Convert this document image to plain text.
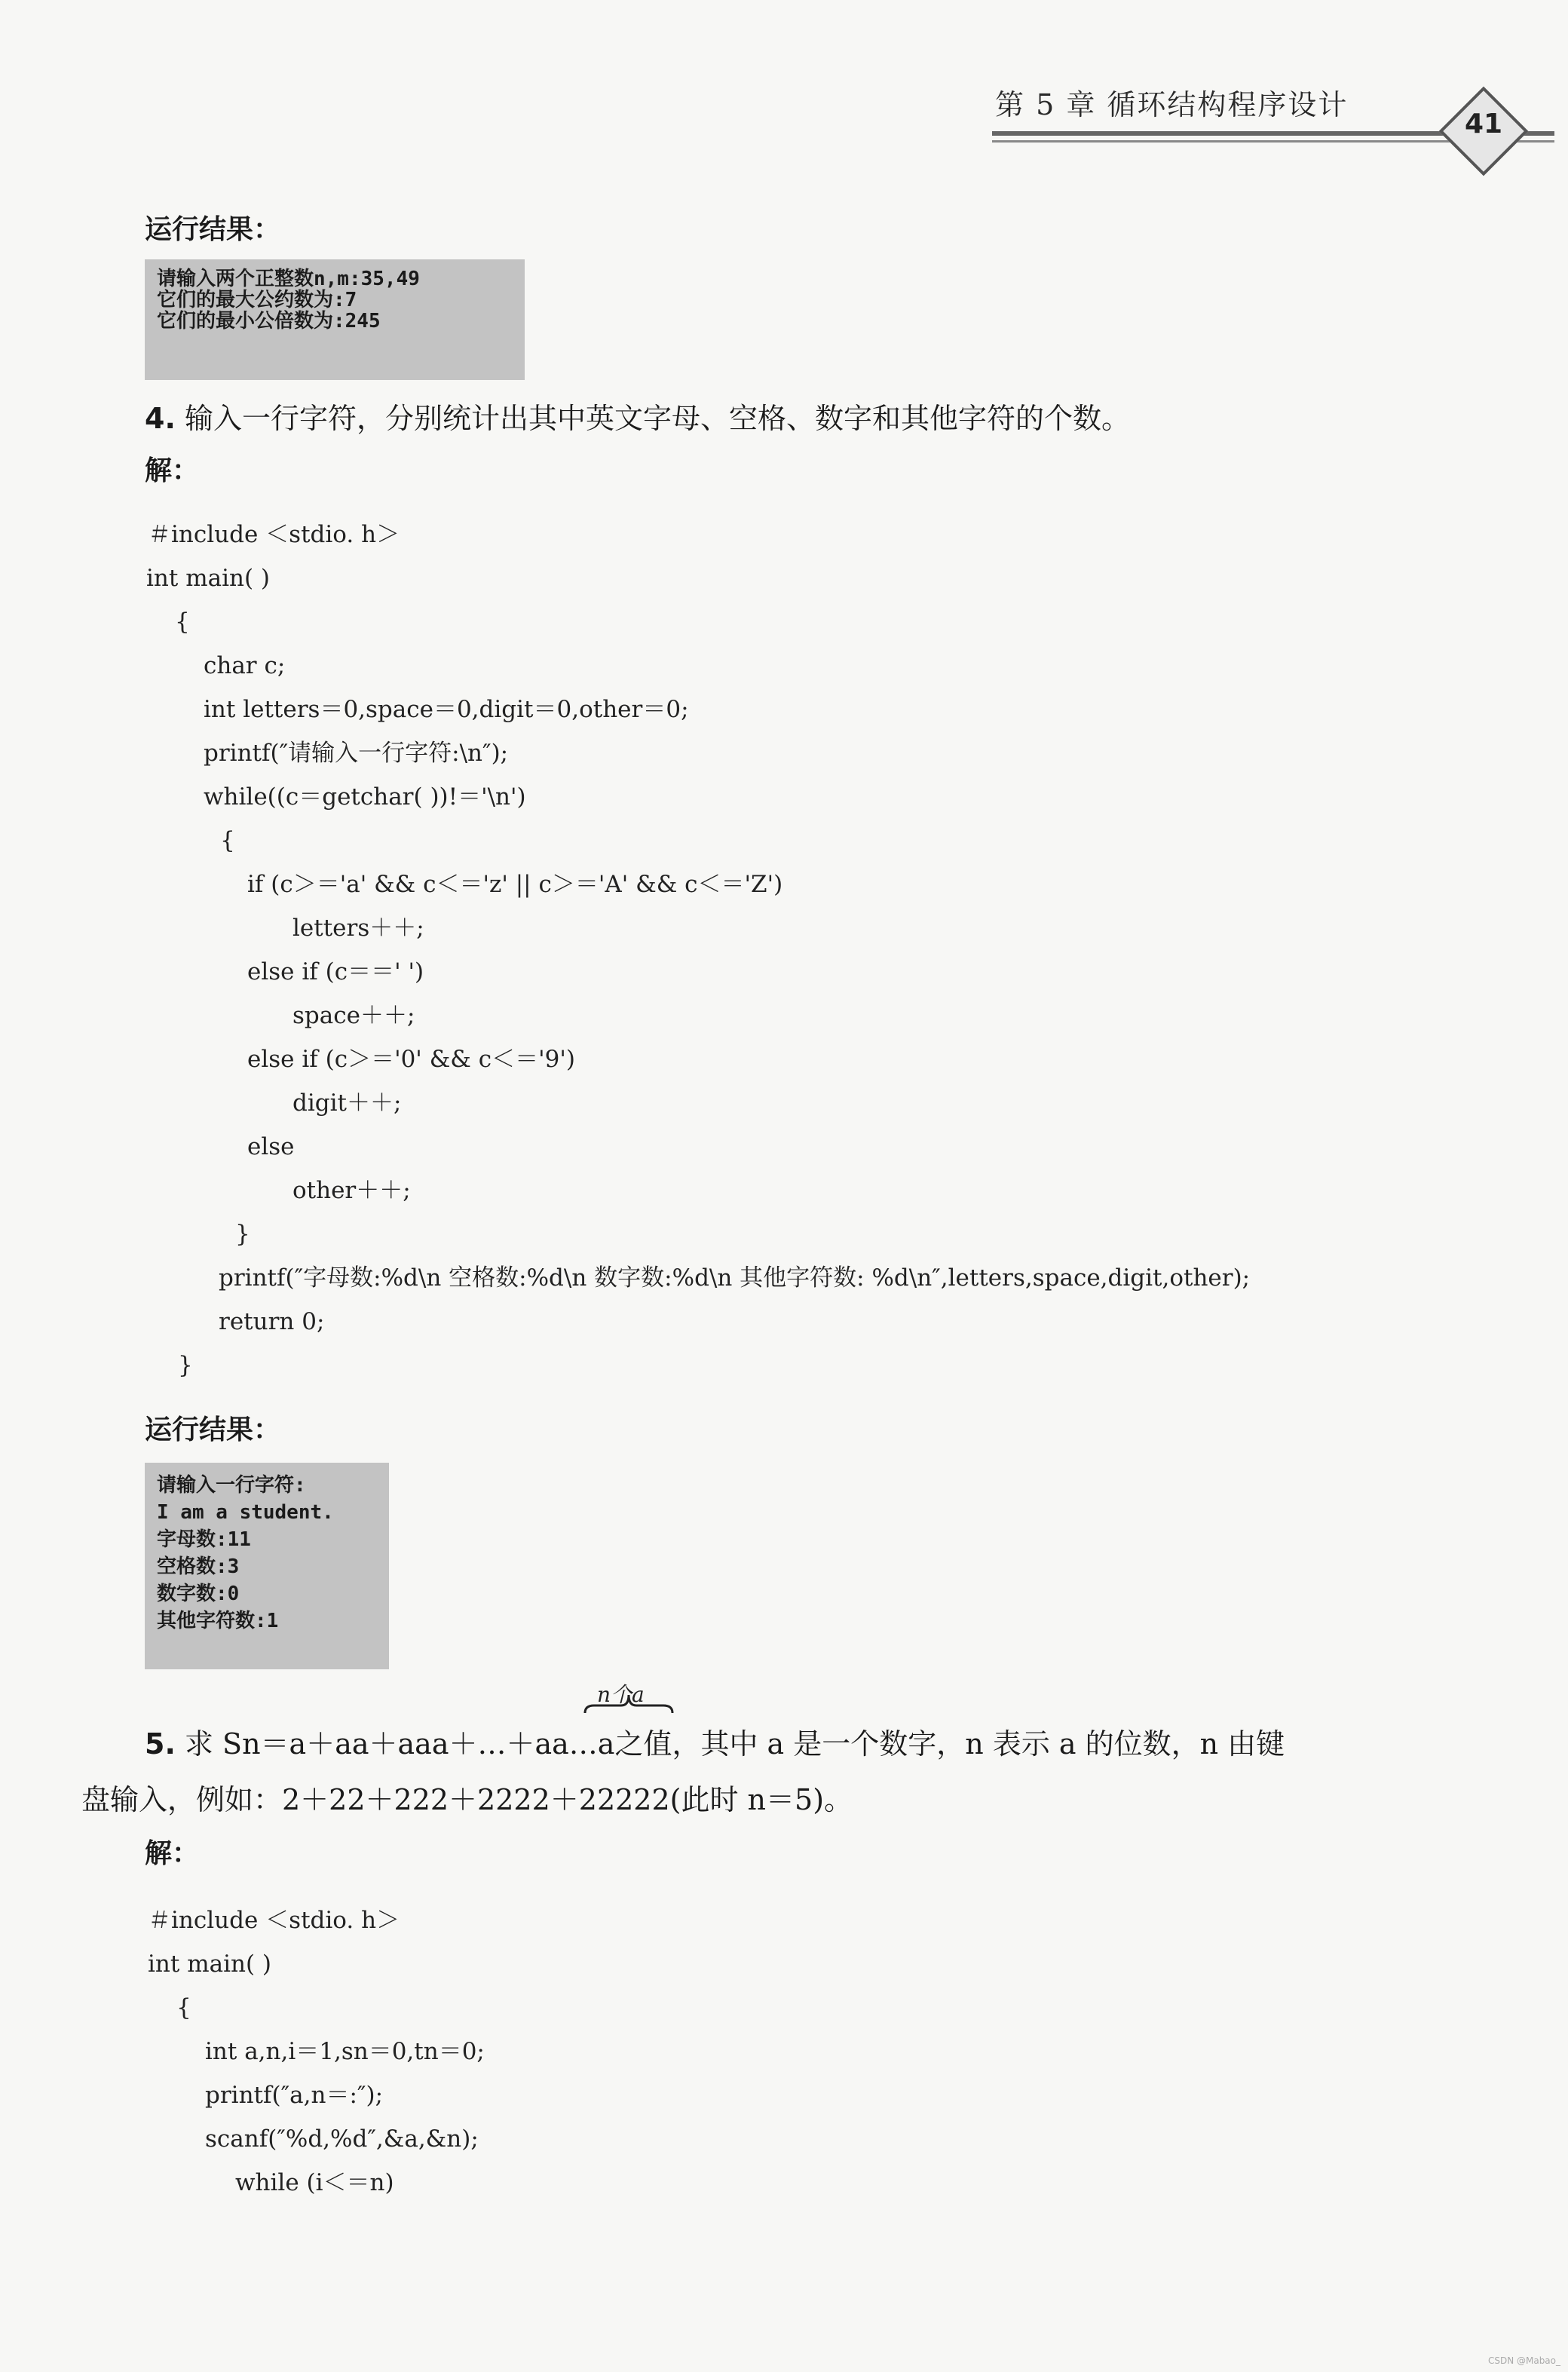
第 5 章 循环结构程序设计
41
运行结果：
请输入两个正整数n,m:35,49
它们的最大公约数为:7
它们的最小公倍数为:245
4. 输入一行字符，分别统计出其中英文字母、空格、数字和其他字符的个数。
解：
＃include ＜stdio. h＞
int main( )
{
char c;
int letters＝0,space＝0,digit＝0,other＝0;
printf(″请输入一行字符:\n″);
while((c＝getchar( ))!＝'\n')
{
if (c＞＝'a' && c＜＝'z' || c＞＝'A' && c＜＝'Z')
letters＋＋;
else if (c＝＝' ')
space＋＋;
else if (c＞＝'0' && c＜＝'9')
digit＋＋;
else
other＋＋;
}
printf(″字母数:%d\n 空格数:%d\n 数字数:%d\n 其他字符数: %d\n″,letters,space,digit,other);
return 0;
}
运行结果：
请输入一行字符:
I am a student.
字母数:11
空格数:3
数字数:0
其他字符数:1
n个a
5. 求 Sn＝a＋aa＋aaa＋…＋aa…a之值，其中 a 是一个数字，n 表示 a 的位数，n 由键
盘输入，例如：2＋22＋222＋2222＋22222(此时 n＝5)。
解：
＃include ＜stdio. h＞
int main( )
{
int a,n,i＝1,sn＝0,tn＝0;
printf(″a,n＝:″);
scanf(″%d,%d″,&a,&n);
while (i＜＝n)
CSDN @Mabao_
